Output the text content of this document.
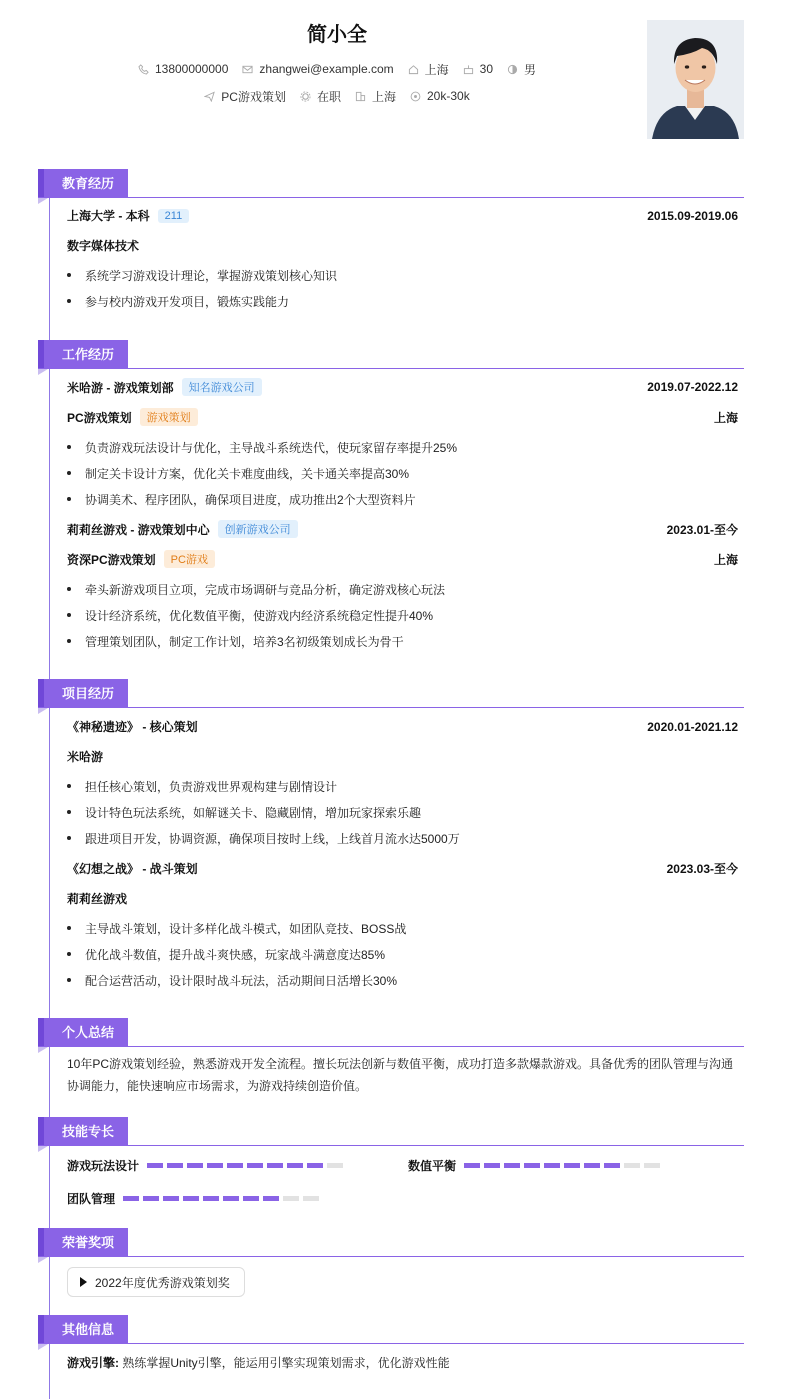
简小全
13800000000	zhangwei@example.com	上海	30	男
PC游戏策划	在职	上海	20k-30k
教育经历
上海大学 - 本科	211	2015.09-2019.06
数字媒体技术
系统学习游戏设计理论，掌握游戏策划核心知识
参与校内游戏开发项目，锻炼实践能力
工作经历
米哈游 - 游戏策划部	知名游戏公司	2019.07-2022.12
PC游戏策划	游戏策划	上海
负责游戏玩法设计与优化，主导战斗系统迭代，使玩家留存率提升25%
制定关卡设计方案，优化关卡难度曲线，关卡通关率提高30%
协调美术、程序团队，确保项目进度，成功推出2个大型资料片
莉莉丝游戏 - 游戏策划中心	创新游戏公司	2023.01-至今
资深PC游戏策划	PC游戏	上海
牵头新游戏项目立项，完成市场调研与竞品分析，确定游戏核心玩法
设计经济系统，优化数值平衡，使游戏内经济系统稳定性提升40%
管理策划团队，制定工作计划，培养3名初级策划成长为骨干
项目经历
《神秘遗迹》 - 核心策划	2020.01-2021.12
米哈游
担任核心策划，负责游戏世界观构建与剧情设计
设计特色玩法系统，如解谜关卡、隐藏剧情，增加玩家探索乐趣
跟进项目开发，协调资源，确保项目按时上线，上线首月流水达5000万
《幻想之战》 - 战斗策划	2023.03-至今
莉莉丝游戏
主导战斗策划，设计多样化战斗模式，如团队竞技、BOSS战
优化战斗数值，提升战斗爽快感，玩家战斗满意度达85%
配合运营活动，设计限时战斗玩法，活动期间日活增长30%
个人总结
10年PC游戏策划经验，熟悉游戏开发全流程。擅长玩法创新与数值平衡，成功打造多款爆款游戏。具备优秀的团队管理与沟通
协调能力，能快速响应市场需求，为游戏持续创造价值。
技能专长
游戏玩法设计	数值平衡
团队管理
荣誉奖项
2022年度优秀游戏策划奖
其他信息
游戏引擎: 熟练掌握Unity引擎，能运用引擎实现策划需求，优化游戏性能
